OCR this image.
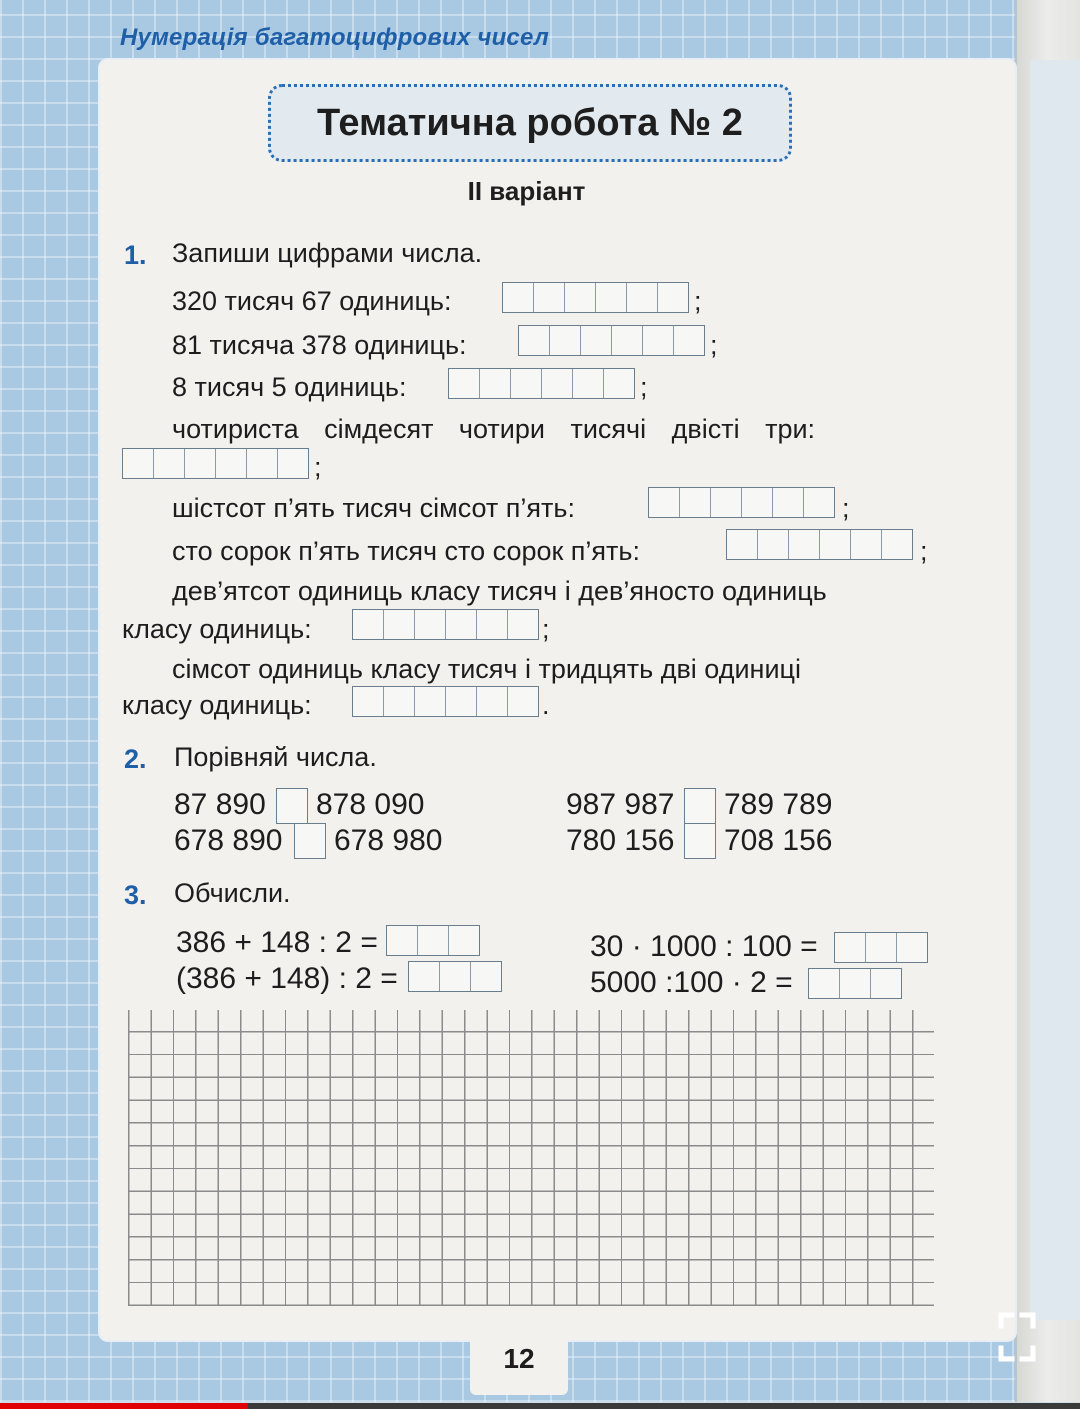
Нумерація багатоцифрових чисел
Тематична робота № 2
ІІ варіант
1. Запиши цифрами числа.
320 тисяч 67 одиниць:	;
81 тисяча 378 одиниць:	;
8 тисяч 5 одиниць:	;
чотириста сімдесят чотири тисячі двісті три:
;
шістсот п’ять тисяч сімсот п’ять:	;
сто сорок п’ять тисяч сто сорок п’ять:	;
дев’ятсот одиниць класу тисяч і дев’яносто одиниць
класу одиниць:	;
сімсот одиниць класу тисяч і тридцять дві одиниці
класу одиниць:	.
2. Порівняй числа.
87 890 878 090
678 890 678 980
987 987 789 789
780 156 708 156
3. Обчисли.
386 + 148 : 2 =
(386 + 148) : 2 =
30 · 1000 : 100 =
5000 :100 · 2 =
12
